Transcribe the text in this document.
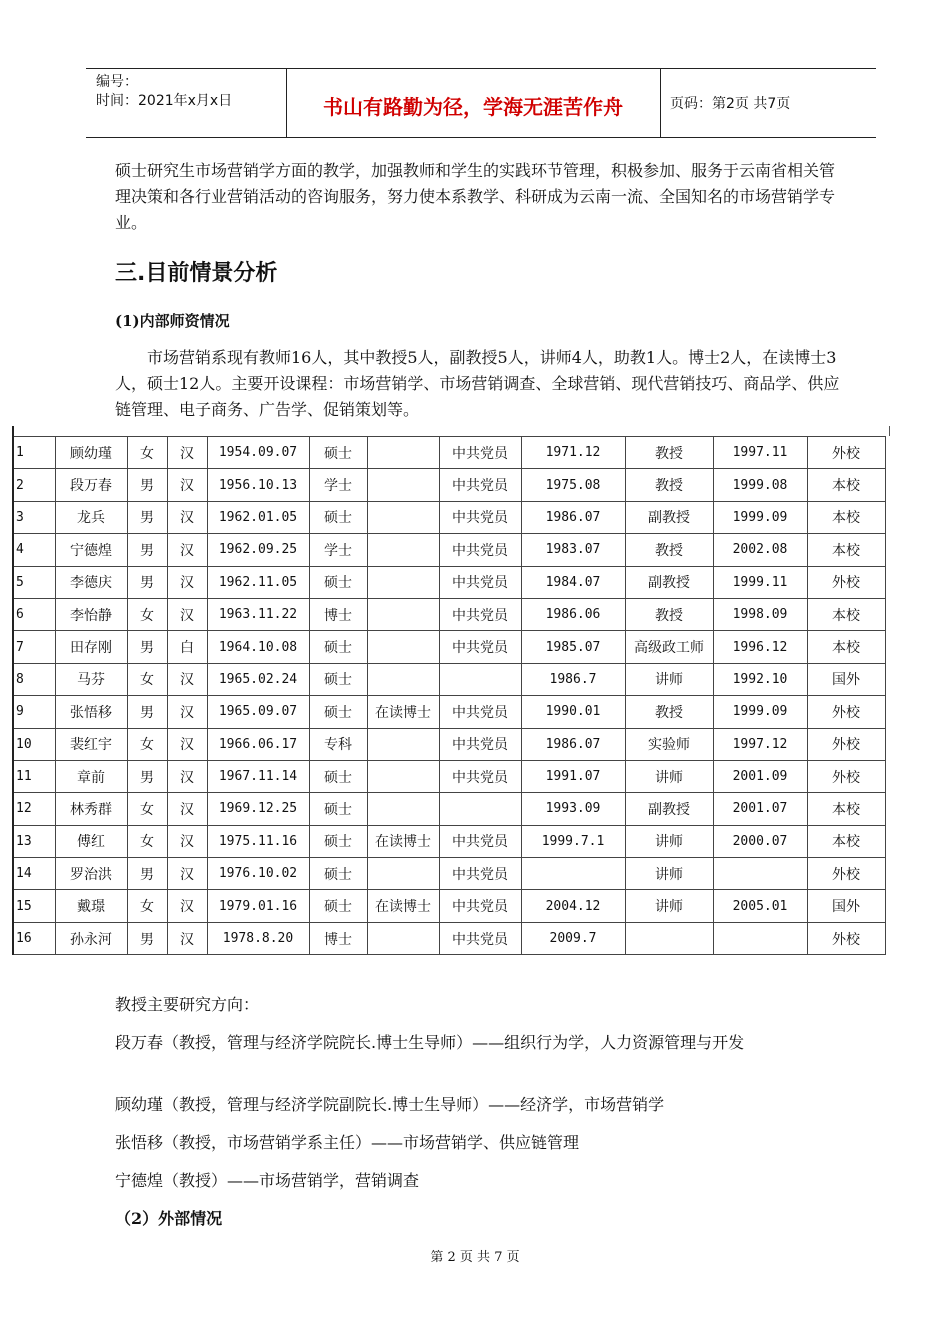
编号：
时间：2021年x月x日	书山有路勤为径，学海无涯苦作舟	页码：第2页 共7页

硕士研究生市场营销学方面的教学，加强教师和学生的实践环节管理，积极参加、服务于云南省相关管理决策和各行业营销活动的咨询服务，努力使本系教学、科研成为云南一流、全国知名的市场营销学专业。

三.目前情景分析
(1)内部师资情况

市场营销系现有教师16人，其中教授5人，副教授5人，讲师4人，助教1人。博士2人，在读博士3人，硕士12人。主要开设课程：市场营销学、市场营销调查、全球营销、现代营销技巧、商品学、供应链管理、电子商务、广告学、促销策划等。

1	顾幼瑾	女	汉	1954.09.07	硕士		中共党员	1971.12	教授	1997.11	外校
2	段万春	男	汉	1956.10.13	学士		中共党员	1975.08	教授	1999.08	本校
3	龙兵	男	汉	1962.01.05	硕士		中共党员	1986.07	副教授	1999.09	本校
4	宁德煌	男	汉	1962.09.25	学士		中共党员	1983.07	教授	2002.08	本校
5	李德庆	男	汉	1962.11.05	硕士		中共党员	1984.07	副教授	1999.11	外校
6	李怡静	女	汉	1963.11.22	博士		中共党员	1986.06	教授	1998.09	本校
7	田存刚	男	白	1964.10.08	硕士		中共党员	1985.07	高级政工师	1996.12	本校
8	马芬	女	汉	1965.02.24	硕士			1986.7	讲师	1992.10	国外
9	张悟移	男	汉	1965.09.07	硕士	在读博士	中共党员	1990.01	教授	1999.09	外校
10	裴红宇	女	汉	1966.06.17	专科		中共党员	1986.07	实验师	1997.12	外校
11	章前	男	汉	1967.11.14	硕士		中共党员	1991.07	讲师	2001.09	外校
12	林秀群	女	汉	1969.12.25	硕士			1993.09	副教授	2001.07	本校
13	傅红	女	汉	1975.11.16	硕士	在读博士	中共党员	1999.7.1	讲师	2000.07	本校
14	罗治洪	男	汉	1976.10.02	硕士		中共党员		讲师		外校
15	戴璟	女	汉	1979.01.16	硕士	在读博士	中共党员	2004.12	讲师	2005.01	国外
16	孙永河	男	汉	1978.8.20	博士		中共党员	2009.7			外校

教授主要研究方向：

段万春（教授，管理与经济学院院长.博士生导师）——组织行为学，人力资源管理与开发

顾幼瑾（教授，管理与经济学院副院长.博士生导师）——经济学，市场营销学

张悟移（教授，市场营销学系主任）——市场营销学、供应链管理

宁德煌（教授）——市场营销学，营销调查

（2）外部情况

第 2 页 共 7 页
